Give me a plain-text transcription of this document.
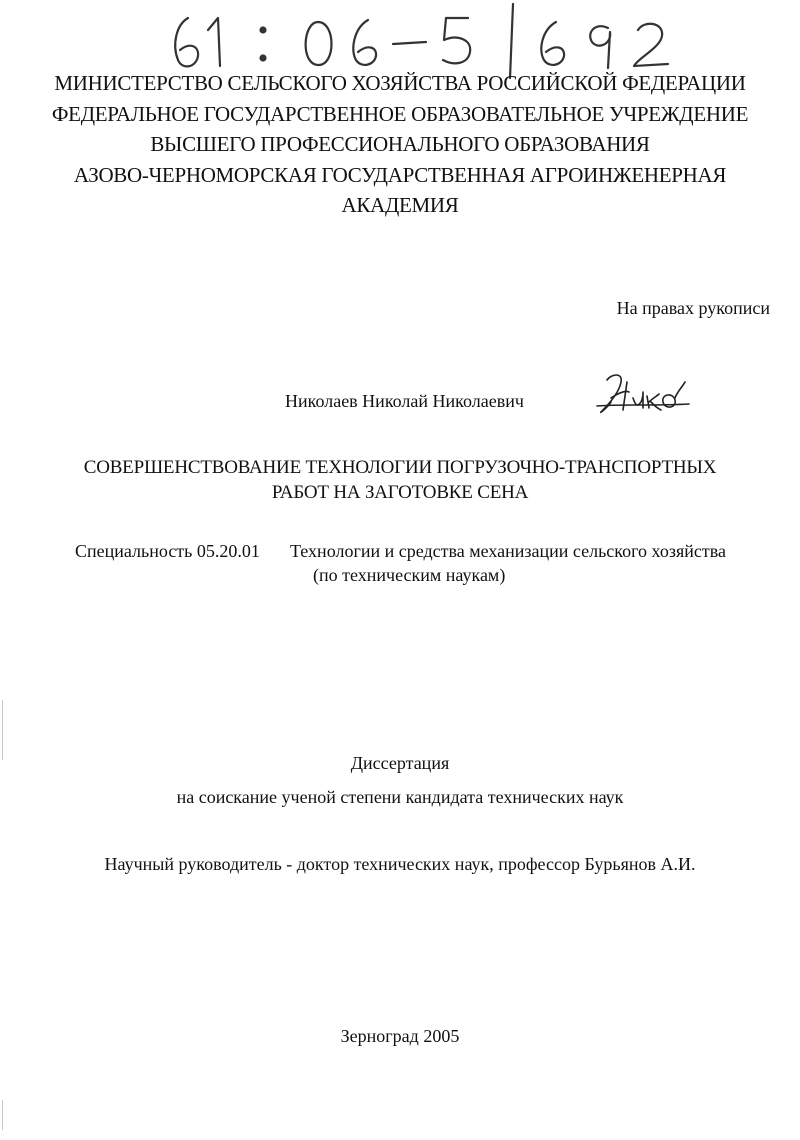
МИНИСТЕРСТВО СЕЛЬСКОГО ХОЗЯЙСТВА РОССИЙСКОЙ ФЕДЕРАЦИИ
ФЕДЕРАЛЬНОЕ ГОСУДАРСТВЕННОЕ ОБРАЗОВАТЕЛЬНОЕ УЧРЕЖДЕНИЕ
ВЫСШЕГО ПРОФЕССИОНАЛЬНОГО ОБРАЗОВАНИЯ
АЗОВО-ЧЕРНОМОРСКАЯ ГОСУДАРСТВЕННАЯ АГРОИНЖЕНЕРНАЯ
АКАДЕМИЯ
На правах рукописи
Николаев Николай Николаевич
СОВЕРШЕНСТВОВАНИЕ ТЕХНОЛОГИИ ПОГРУЗОЧНО-ТРАНСПОРТНЫХ
РАБОТ НА ЗАГОТОВКЕ СЕНА
Специальность 05.20.01 Технологии и средства механизации сельского хозяйства
(по техническим наукам)
Диссертация
на соискание ученой степени кандидата технических наук
Научный руководитель - доктор технических наук, профессор Бурьянов А.И.
Зерноград 2005
